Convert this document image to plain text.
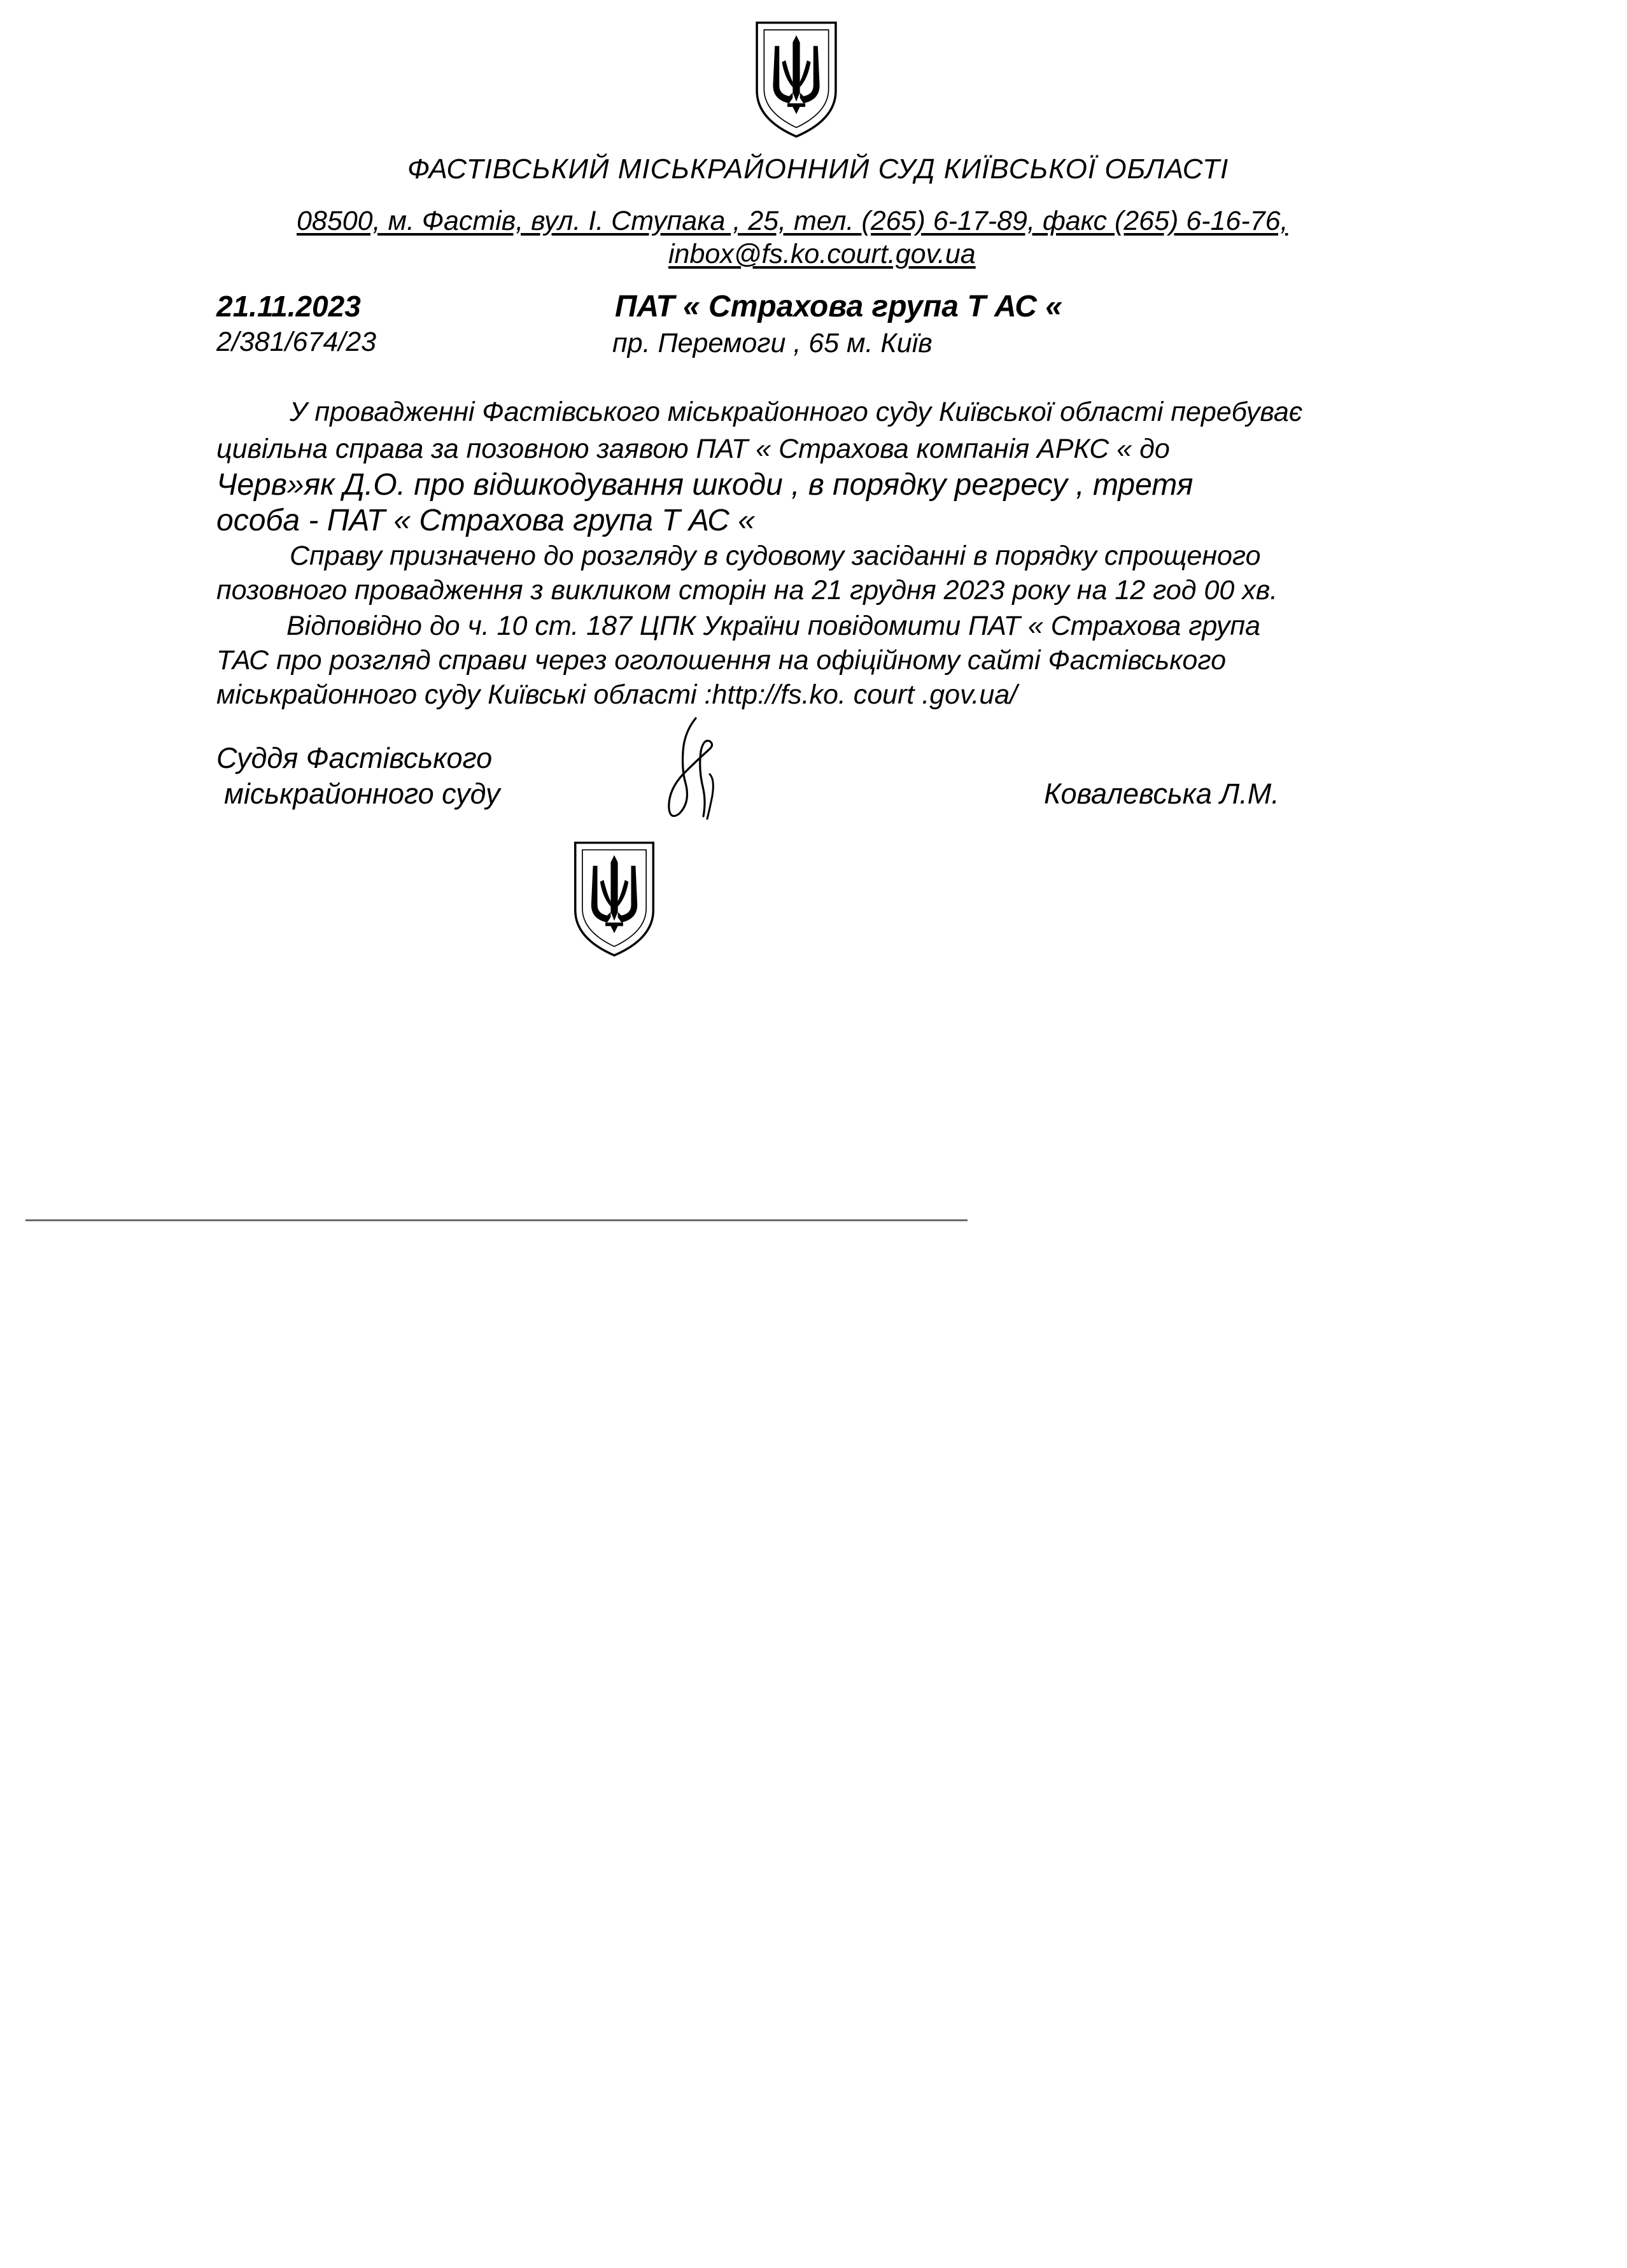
ФАСТІВСЬКИЙ МІСЬКРАЙОННИЙ СУД КИЇВСЬКОЇ ОБЛАСТІ
08500, м. Фастів, вул. І. Ступака , 25, тел. (265) 6-17-89, факс (265) 6-16-76,
inbox@fs.ko.court.gov.ua
21.11.2023
2/381/674/23
ПАТ « Страхова група Т АС «
пр. Перемоги , 65 м. Київ
У провадженні Фастівського міськрайонного суду Київської області перебуває
цивільна справа за позовною заявою ПАТ « Страхова компанія АРКС « до
Черв»як Д.О. про відшкодування шкоди , в порядку регресу , третя
особа - ПАТ « Страхова група Т АС «
Справу призначено до розгляду в судовому засіданні в порядку спрощеного
позовного провадження з викликом сторін на 21 грудня 2023 року на 12 год 00 хв.
Відповідно до ч. 10 ст. 187 ЦПК України повідомити ПАТ « Страхова група
ТАС про розгляд справи через оголошення на офіційному сайті Фастівського
міськрайонного суду Київські області :http://fs.ko. court .gov.ua/
Суддя Фастівського
міськрайонного суду	Ковалевська Л.М.
